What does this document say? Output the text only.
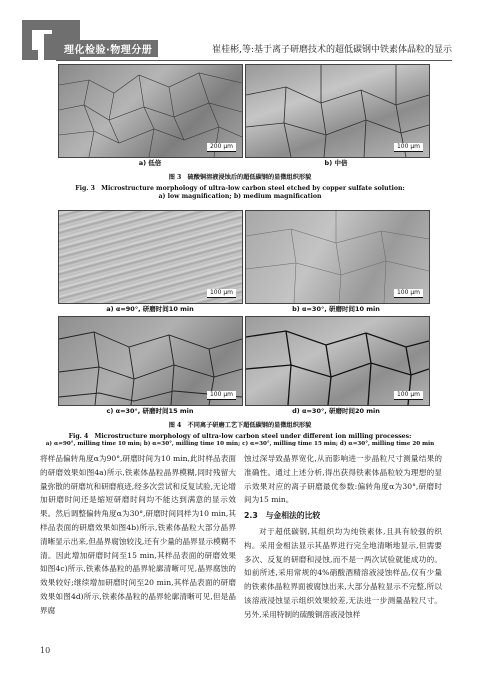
理化检验·物理分册	崔桂彬,等:基于离子研磨技术的超低碳钢中铁素体晶粒的显示
200 μm	100 μm
a) 低倍	b) 中倍
图 3　硫酸铜溶液浸蚀后的超低碳钢的显微组织形貌
Fig. 3　Microstructure morphology of ultra-low carbon steel etched by copper sulfate solution:
a) low magnification; b) medium magnification
100 μm	100 μm
a) α=90°, 研磨时间10 min	b) α=30°, 研磨时间10 min
100 μm	100 μm
c) α=30°, 研磨时间15 min	d) α=30°, 研磨时间20 min
图 4　不同离子研磨工艺下超低碳钢的显微组织形貌
Fig. 4　Microstructure morphology of ultra-low carbon steel under different ion milling processes:
a) α=90°, milling time 10 min; b) α=30°, milling time 10 min; c) α=30°, milling time 15 min; d) α=30°, milling time 20 min

将样品偏转角度α为90°,研磨时间为10 min,此时样品表面的研磨效果如图4a)所示,铁素体晶粒晶界模糊,同时残留大量弥散的研磨坑和研磨痕迹,经多次尝试和反复试验,无论增加研磨时间还是缩短研磨时间均不能达到满意的显示效果。然后调整偏转角度α为30°,研磨时间同样为10 min,其样品表面的研磨效果如图4b)所示,铁素体晶粒大部分晶界清晰显示出来,但晶界腐蚀较浅,还有少量的晶界显示模糊不清。因此增加研磨时间至15 min,其样品表面的研磨效果如图4c)所示,铁素体晶粒的晶界轮廓清晰可见,晶界腐蚀的效果较好;继续增加研磨时间至20 min,其样品表面的研磨效果如图4d)所示,铁素体晶粒的晶界轮廓清晰可见,但是晶界腐

蚀过深导致晶界宽化,从而影响进一步晶粒尺寸测量结果的准确性。通过上述分析,得出获得铁素体晶粒较为理想的显示效果对应的离子研磨最优参数:偏转角度α为30°,研磨时间为15 min。

2.3　与金相法的比较

对于超低碳钢,其组织均为纯铁素体,且具有较强的织构。采用金相法显示其晶界进行完全地清晰地显示,但需要多次、反复的研磨和浸蚀,而不是一两次试验就能成功的。如前所述,采用常规的4%硝酸酒精溶液浸蚀样品,仅有少量的铁素体晶粒界面被腐蚀出来,大部分晶粒显示不完整,所以该溶液浸蚀显示组织效果较差,无法进一步测量晶粒尺寸。另外,采用特制的硫酸铜溶液浸蚀样

10
